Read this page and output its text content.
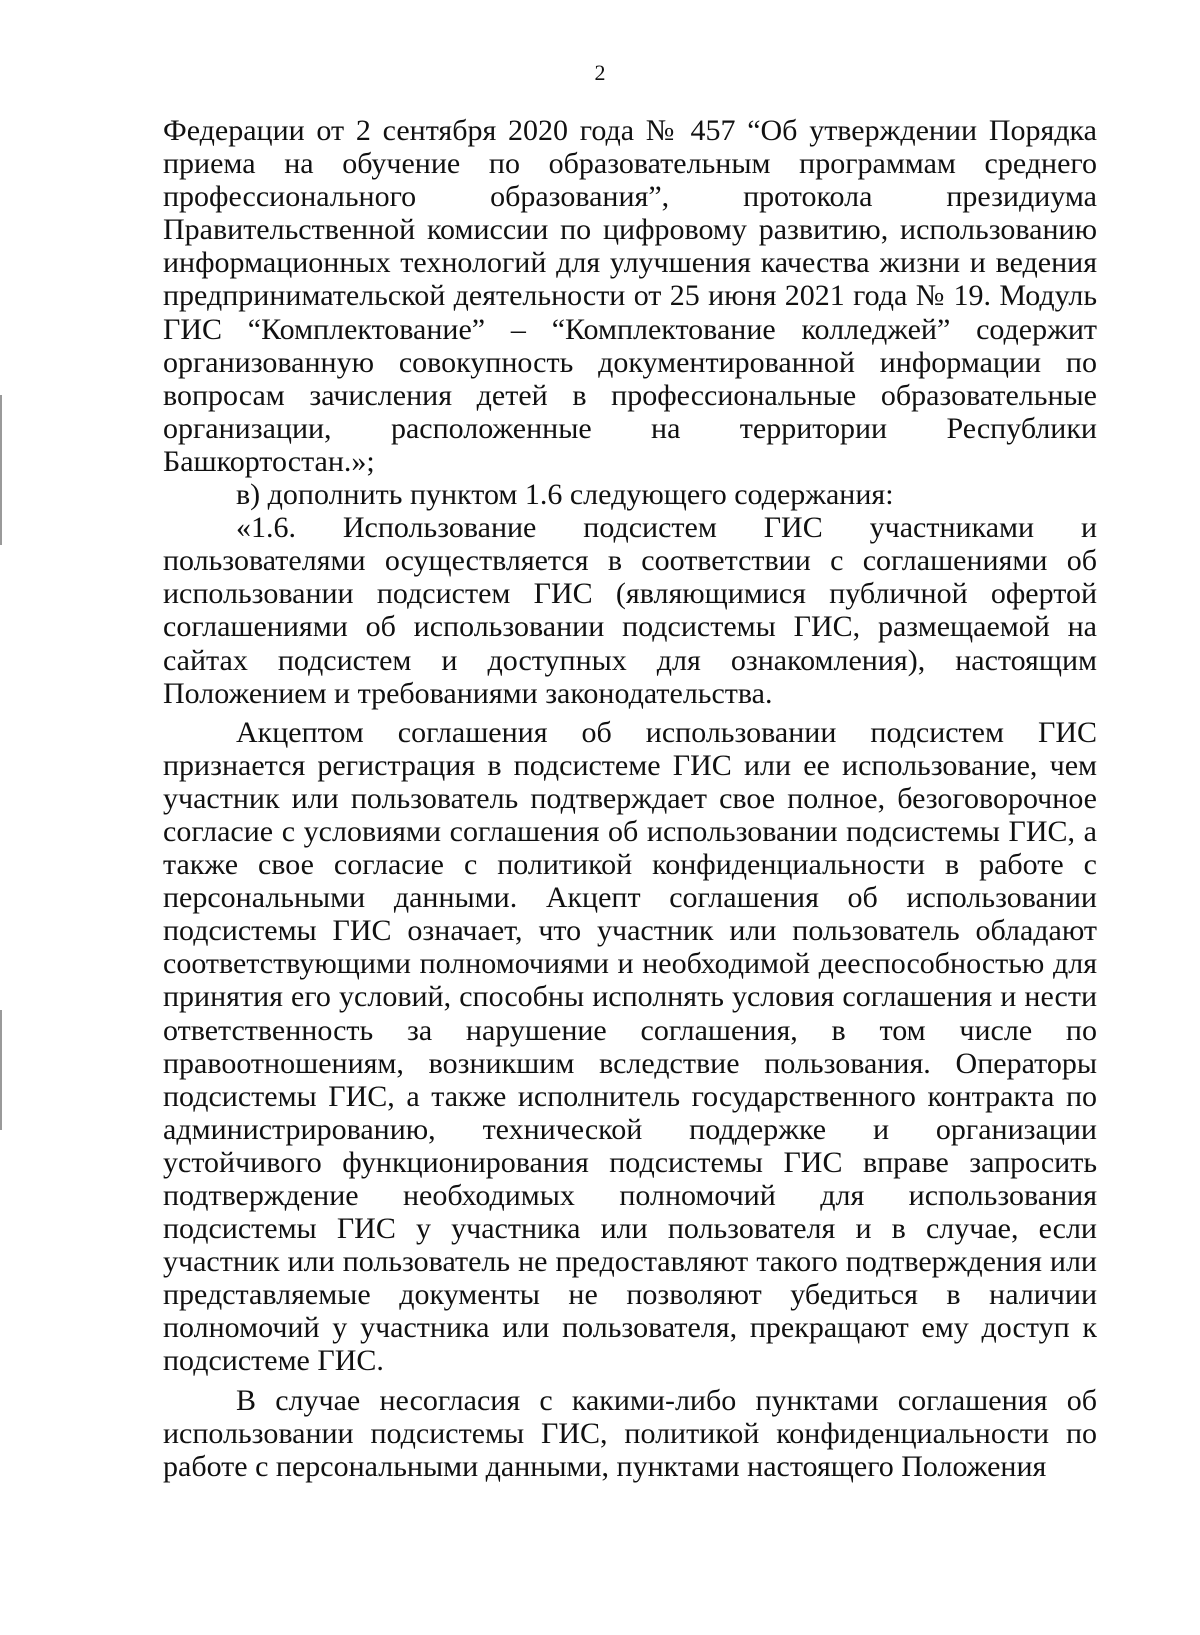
2

Федерации от 2 сентября 2020 года № 457 “Об утверждении Порядка приема на обучение по образовательным программам среднего профессионального образования”, протокола президиума Правительственной комиссии по цифровому развитию, использованию информационных технологий для улучшения качества жизни и ведения предпринимательской деятельности от 25 июня 2021 года № 19. Модуль ГИС “Комплектование” – “Комплектование колледжей” содержит организованную совокупность документированной информации по вопросам зачисления детей в профессиональные образовательные организации, расположенные на территории Республики Башкортостан.»;

в) дополнить пунктом 1.6 следующего содержания:

«1.6. Использование подсистем ГИС участниками и пользователями осуществляется в соответствии с соглашениями об использовании подсистем ГИС (являющимися публичной офертой соглашениями об использовании подсистемы ГИС, размещаемой на сайтах подсистем и доступных для ознакомления), настоящим Положением и требованиями законодательства.

Акцептом соглашения об использовании подсистем ГИС признается регистрация в подсистеме ГИС или ее использование, чем участник или пользователь подтверждает свое полное, безоговорочное согласие с условиями соглашения об использовании подсистемы ГИС, а также свое согласие с политикой конфиденциальности в работе с персональными данными. Акцепт соглашения об использовании подсистемы ГИС означает, что участник или пользователь обладают соответствующими полномочиями и необходимой дееспособностью для принятия его условий, способны исполнять условия соглашения и нести ответственность за нарушение соглашения, в том числе по правоотношениям, возникшим вследствие пользования. Операторы подсистемы ГИС, а также исполнитель государственного контракта по администрированию, технической поддержке и организации устойчивого функционирования подсистемы ГИС вправе запросить подтверждение необходимых полномочий для использования подсистемы ГИС у участника или пользователя и в случае, если участник или пользователь не предоставляют такого подтверждения или представляемые документы не позволяют убедиться в наличии полномочий у участника или пользователя, прекращают ему доступ к подсистеме ГИС.

В случае несогласия с какими-либо пунктами соглашения об использовании подсистемы ГИС, политикой конфиденциальности по работе с персональными данными, пунктами настоящего Положения
